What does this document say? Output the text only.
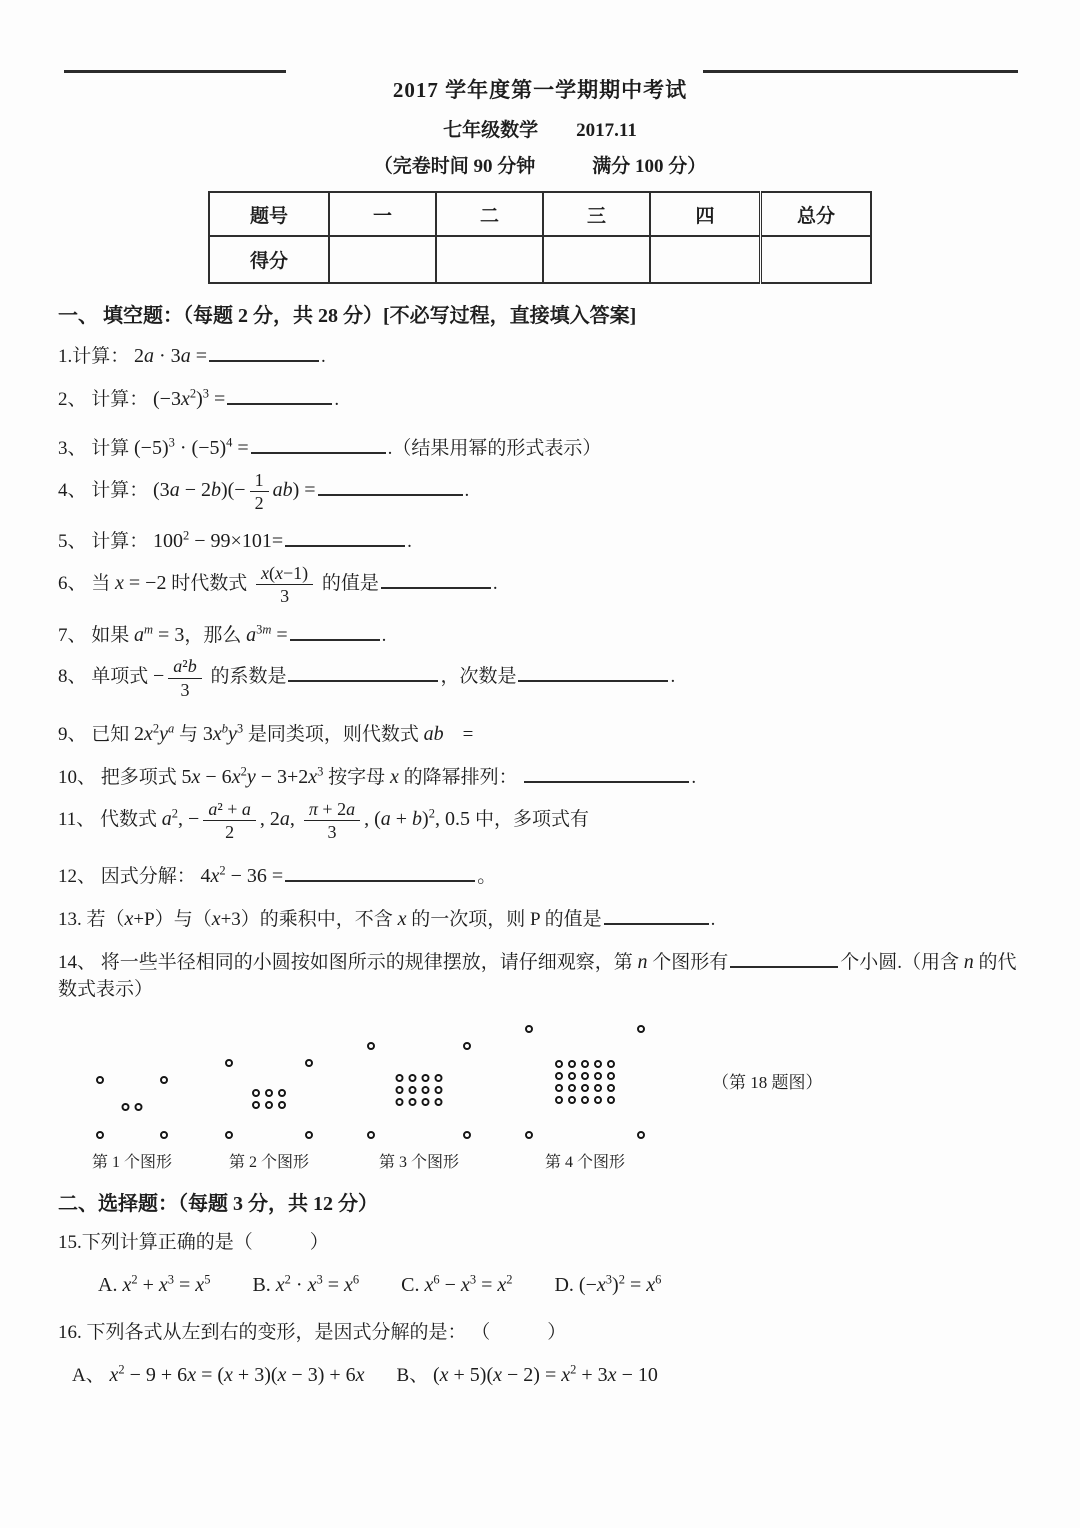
2017 学年度第一学期期中考试
七年级数学　　2017.11
（完卷时间 90 分钟　　　满分 100 分）
题号	一	二	三	四	总分
得分					
一、 填空题：（每题 2 分，共 28 分）[不必写过程，直接填入答案]
1.计算： 2a · 3a =	.
2、 计算： $(-3x^2)^3$ =	.
3、 计算 $(-5)^3 \cdot (-5)^4$ =	.（结果用幂的形式表示）
4、 计算： $(3a - 2b)(- \frac{1}{2} ab)$ =	.
5、 计算： $100^2 - 99\times 101=$	.
6、 当 x = −2 时代数式 $\frac{x(x-1)}{3}$ 的值是	.
7、 如果 $a^m = 3$，那么 $a^{3m}$ =	.
8、 单项式 − $\frac{\text{a²b}}{3}$ 的系数是	，次数是	.
9、 已知 $2x^2y^a$ 与 $3x^by^3$ 是同类项，则代数式 ab　=
10、 把多项式 $5x - 6x^2y - 3+2x^3$ 按字母 x 的降幂排列：	.
11、 代数式 $a^2$, − $\frac{\text{a² + a}}{2}$ , 2a, $\frac{\pi + 2a}{3}$ , $(a + b)^2$, 0.5 中，多项式有
12、 因式分解： $4x^2 - 36$ =	。
13. 若（x+P）与（x+3）的乘积中，不含 x 的一次项，则 P 的值是	.
14、 将一些半径相同的小圆按如图所示的规律摆放，请仔细观察，第 n 个图形有	个小圆.（用含 n 的代数式表示）
第 1 个图形	第 2 个图形	第 3 个图形	第 4 个图形
（第 18 题图）
二、选择题：（每题 3 分，共 12 分）
15.下列计算正确的是（　　　）
A. $x^2 + x^3 = x^5$ B. $x^2 \cdot x^3 = x^6$ C. $x^6 - x^3 = x^2$ D. $(-x^3)^2 = x^6$
16. 下列各式从左到右的变形，是因式分解的是： （　　　）
A、 $x^2 - 9 + 6x = (x + 3)(x - 3) + 6x$ B、 $(x + 5)(x - 2) = x^2 + 3x - 10$
